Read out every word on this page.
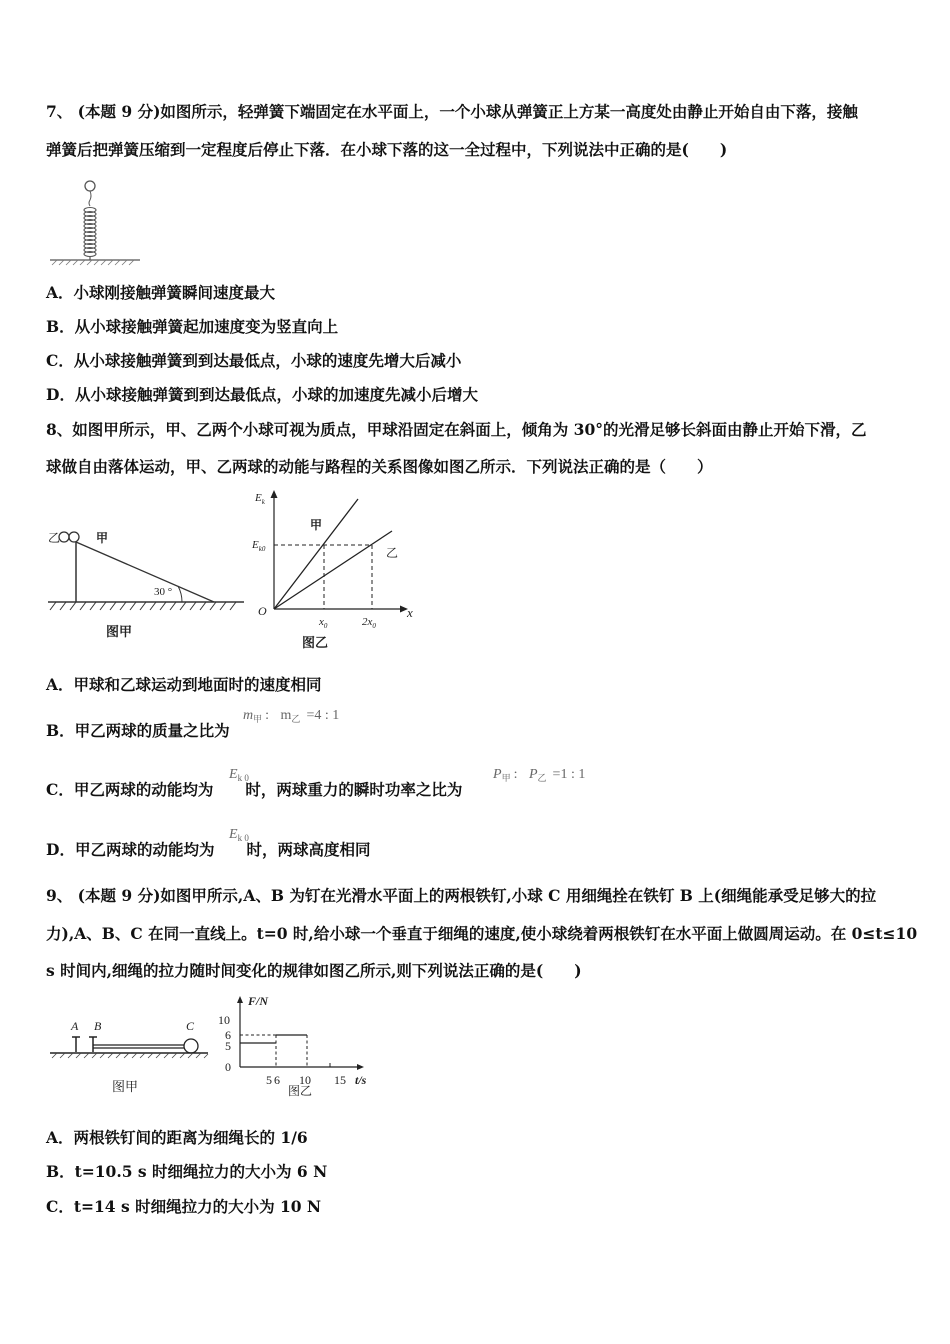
7、 (本题 9 分)如图所示，轻弹簧下端固定在水平面上，一个小球从弹簧正上方某一高度处由静止开始自由下落，接触
弹簧后把弹簧压缩到一定程度后停止下落．在小球下落的这一全过程中，下列说法中正确的是(　　)
A．小球刚接触弹簧瞬间速度最大
B．从小球接触弹簧起加速度变为竖直向上
C．从小球接触弹簧到到达最低点，小球的速度先增大后减小
D．从小球接触弹簧到到达最低点，小球的加速度先减小后增大
8、如图甲所示，甲、乙两个小球可视为质点，甲球沿固定在斜面上，倾角为 30°的光滑足够长斜面由静止开始下滑，乙
球做自由落体运动，甲、乙两球的动能与路程的关系图像如图乙所示．下列说法正确的是（　　）
乙	甲
30 °
图甲
$E_k$
$E_{k0}$
O	x
$x_0$	$2x_0$
甲
乙
图乙
A．甲球和乙球运动到地面时的速度相同
B．甲乙两球的质量之比为
$m_甲$ : $m_乙 =4$ : 1
C．甲乙两球的动能均为 时，两球重力的瞬时功率之比为
$E_{k 0}$	$P_甲$ : $P_乙 =1$ : 1
D．甲乙两球的动能均为 时，两球高度相同
$E_{k 0}$
9、 (本题 9 分)如图甲所示,A、B 为钉在光滑水平面上的两根铁钉,小球 C 用细绳拴在铁钉 B 上(细绳能承受足够大的拉
力),A、B、C 在同一直线上。t=0 时,给小球一个垂直于细绳的速度,使小球绕着两根铁钉在水平面上做圆周运动。在 0≤t≤10
s 时间内,细绳的拉力随时间变化的规律如图乙所示,则下列说法正确的是(　　)
A B	C
图甲
F/N
10
6
5
0
5 6 10 15 t/s
图乙
A．两根铁钉间的距离为细绳长的 1/6
B．t=10.5 s 时细绳拉力的大小为 6 N
C．t=14 s 时细绳拉力的大小为 10 N
